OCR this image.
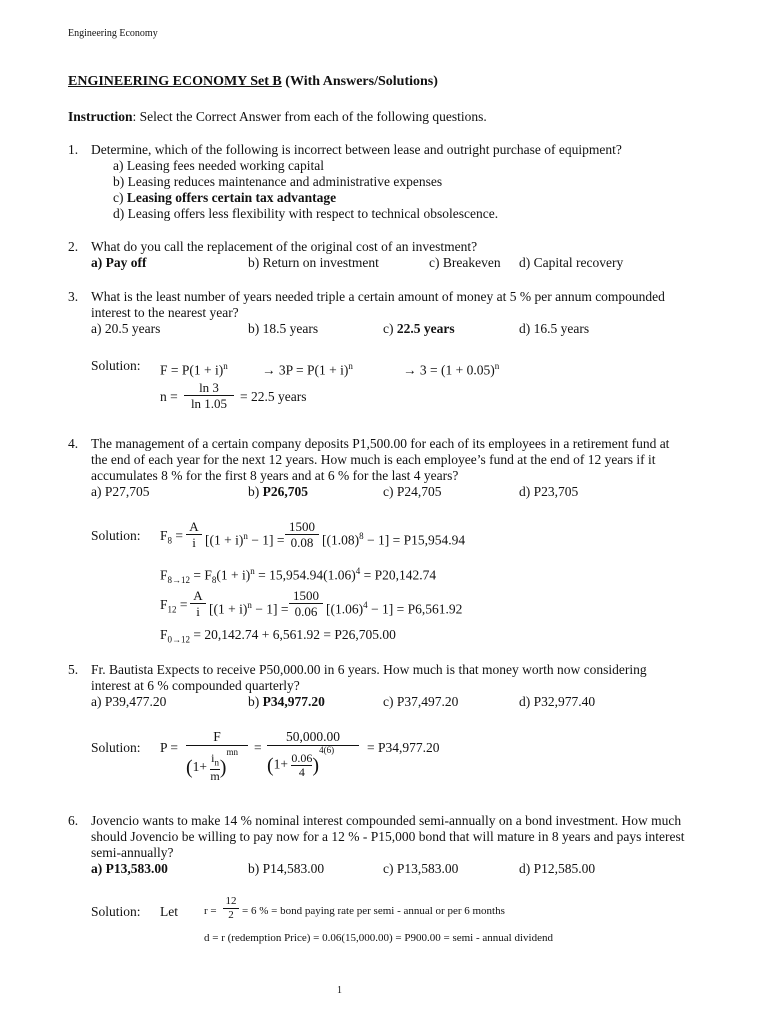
Engineering Economy
ENGINEERING ECONOMY Set B (With Answers/Solutions)
Instruction: Select the Correct Answer from each of the following questions.
1. Determine, which of the following is incorrect between lease and outright purchase of equipment?
a) Leasing fees needed working capital
b) Leasing reduces maintenance and administrative expenses
c) Leasing offers certain tax advantage
d) Leasing offers less flexibility with respect to technical obsolescence.
2. What do you call the replacement of the original cost of an investment?
a) Pay off	b) Return on investment	c) Breakeven d) Capital recovery
3. What is the least number of years needed triple a certain amount of money at 5 % per annum compounded
interest to the nearest year?
a) 20.5 years	b) 18.5 years	c) 22.5 years	d) 16.5 years
Solution: $F = P(1 + i)^n$	→ $3P = P(1 + i)^n$	→ $3 = (1 + 0.05)^n$
$n = \frac{\ln 3}{\ln 1.05} = 22.5$ years
4. The management of a certain company deposits P1,500.00 for each of its employees in a retirement fund at
the end of each year for the next 12 years. How much is each employee’s fund at the end of 12 years if it
accumulates 8 % for the first 8 years and at 6 % for the last 4 years?
a) P27,705	b) P26,705	c) P24,705	d) P23,705
Solution: $F_8 = \frac{A}{i} [(1 + i)^n - 1] = \frac{1500}{0.08} [(1.08)^8 - 1] = P15,954.94$
$F_{8\to 12} = F_8(1 + i)^n = 15,954.94(1.06)^4 = P20,142.74$
$F_{12} = \frac{A}{i} [(1 + i)^n - 1] = \frac{1500}{0.06} [(1.06)^4 - 1] = P6,561.92$
$F_{0\to 12} = 20,142.74 + 6,561.92 = P26,705.00$
5. Fr. Bautista Expects to receive P50,000.00 in 6 years. How much is that money worth now considering
interest at 6 % compounded quarterly?
a) P39,477.20	b) P34,977.20	c) P37,497.20	d) P32,977.40
Solution: P =
F
$(1+ \frac{i_n}{m} )^{mn}$	=
50,000.00
$(1+ \frac{0.06}{4} )^{4(6)}$	= P34,977.20
6. Jovencio wants to make 14 % nominal interest compounded semi-annually on a bond investment. How much
should Jovencio be willing to pay now for a 12 % - P15,000 bond that will mature in 8 years and pays interest
semi-annually?
a) P13,583.00	b) P14,583.00	c) P13,583.00	d) P12,585.00
Solution: Let $r = \frac{12}{2} = 6$ % = bond paying rate per semi - annual or per 6 months
d = r (redemption Price) = 0.06(15,000.00) = P900.00 = semi - annual dividend
1
